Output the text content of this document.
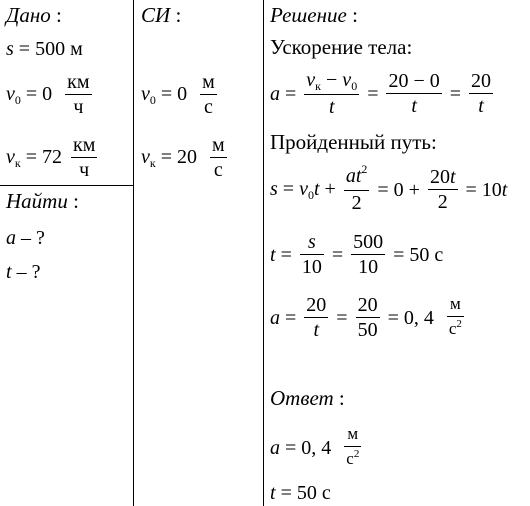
Дано :
s = 500 м
$v_0 = 0 \frac{км}{ч}$
$v_к = 72 \frac{км}{ч}$
Найти :
a – ?
t – ?
СИ :
$v_0 = 0 \frac{м}{с}$
$v_к = 20 \frac{м}{с}$
Решение :
Ускорение тела:
$a = \frac{v_к - v_0}{t} = \frac{20 - 0}{t} = \frac{20}{t}$
Пройденный путь:
$s = v_0t + \frac{at^2}{2} = 0 + \frac{20t}{2} = 10t$
$t = \frac{s}{10} = \frac{500}{10} = 50$ с
$a = \frac{20}{t} = \frac{20}{50} = 0$, $4 \frac{м}{с^2}$
Ответ :
a = 0, $4 \frac{м}{с^2}$
t = 50 с
